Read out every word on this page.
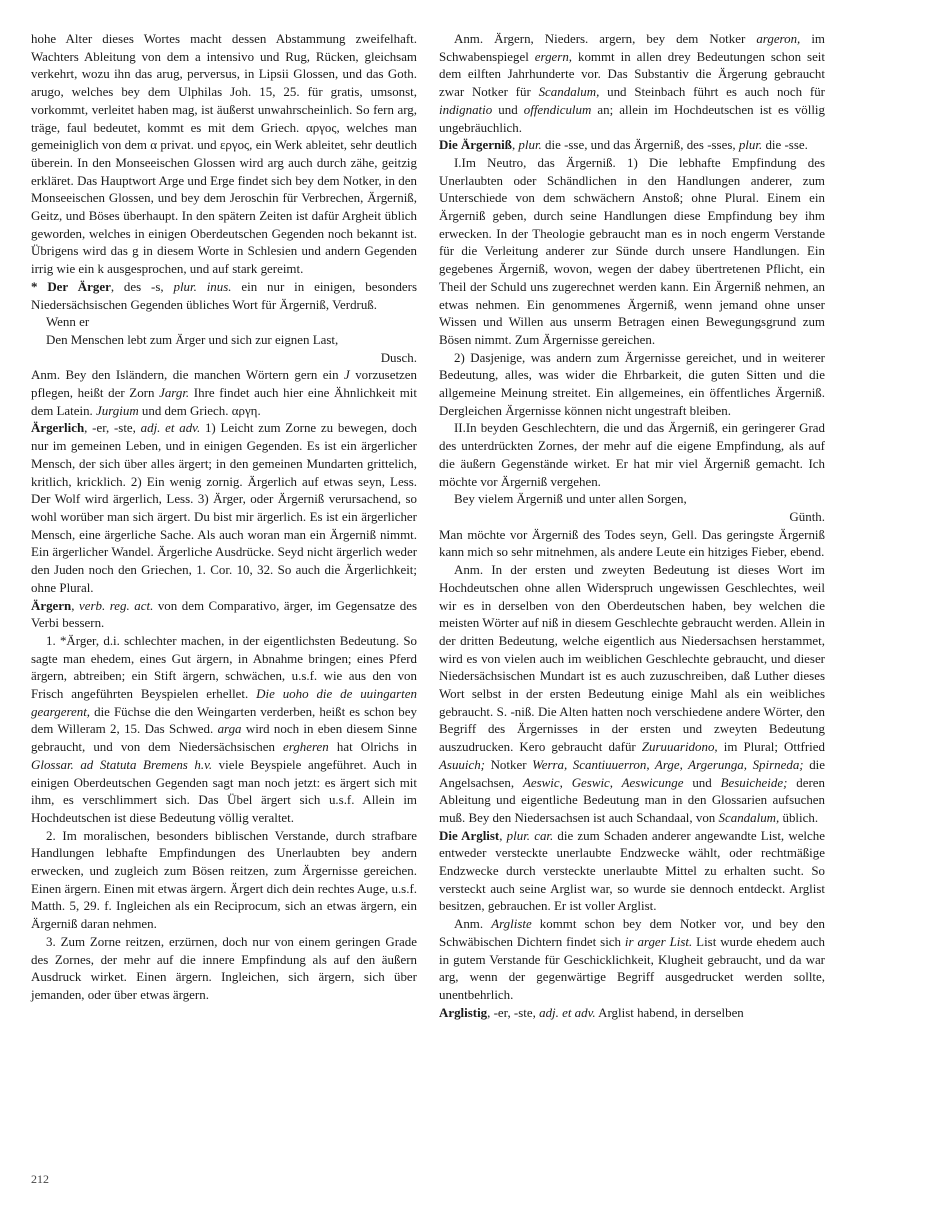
hohe Alter dieses Wortes macht dessen Abstammung zweifelhaft. Wachters Ableitung von dem a intensivo und Rug, Rücken, gleichsam verkehrt, wozu ihn das arug, perversus, in Lipsii Glossen, und das Goth. arugo, welches bey dem Ulphilas Joh. 15, 25. für gratis, umsonst, vorkommt, verleitet haben mag, ist äußerst unwahrscheinlich. So fern arg, träge, faul bedeutet, kommt es mit dem Griech. αργος, welches man gemeiniglich von dem α privat. und εργος, ein Werk ableitet, sehr deutlich überein. In den Monseeischen Glossen wird arg auch durch zähe, geitzig erkläret. Das Hauptwort Arge und Erge findet sich bey dem Notker, in den Monseeischen Glossen, und bey dem Jeroschin für Verbrechen, Ärgerniß, Geitz, und Böses überhaupt. In den spätern Zeiten ist dafür Argheit üblich geworden, welches in einigen Oberdeutschen Gegenden noch bekannt ist. Übrigens wird das g in diesem Worte in Schlesien und andern Gegenden irrig wie ein k ausgesprochen, und auf stark gereimt.

* Der Ärger, des -s, plur. inus. ein nur in einigen, besonders Niedersächsischen Gegenden übliches Wort für Ärgerniß, Verdruß.

Wenn er

Den Menschen lebt zum Ärger und sich zur eignen Last,

Dusch.

Anm. Bey den Isländern, die manchen Wörtern gern ein J vorzusetzen pflegen, heißt der Zorn Jargr. Ihre findet auch hier eine Ähnlichkeit mit dem Latein. Jurgium und dem Griech. αργη.

Ärgerlich, -er, -ste, adj. et adv. 1) Leicht zum Zorne zu bewegen, doch nur im gemeinen Leben, und in einigen Gegenden. Es ist ein ärgerlicher Mensch, der sich über alles ärgert; in den gemeinen Mundarten grittelich, kritlich, kricklich. 2) Ein wenig zornig. Ärgerlich auf etwas seyn, Less. Der Wolf wird ärgerlich, Less. 3) Ärger, oder Ärgerniß verursachend, so wohl worüber man sich ärgert. Du bist mir ärgerlich. Es ist ein ärgerlicher Mensch, eine ärgerliche Sache. Als auch woran man ein Ärgerniß nimmt. Ein ärgerlicher Wandel. Ärgerliche Ausdrücke. Seyd nicht ärgerlich weder den Juden noch den Griechen, 1. Cor. 10, 32. So auch die Ärgerlichkeit; ohne Plural.

Ärgern, verb. reg. act. von dem Comparativo, ärger, im Gegensatze des Verbi bessern.

1. *Ärger, d.i. schlechter machen, in der eigentlichsten Bedeutung. So sagte man ehedem, eines Gut ärgern, in Abnahme bringen; eines Pferd ärgern, abtreiben; ein Stift ärgern, schwächen, u.s.f. wie aus den von Frisch angeführten Beyspielen erhellet. Die uoho die de uuingarten geargerent, die Füchse die den Weingarten verderben, heißt es schon bey dem Willeram 2, 15. Das Schwed. arga wird noch in eben diesem Sinne gebraucht, und von dem Niedersächsischen ergheren hat Olrichs in Glossar. ad Statuta Bremens h.v. viele Beyspiele angeführet. Auch in einigen Oberdeutschen Gegenden sagt man noch jetzt: es ärgert sich mit ihm, es verschlimmert sich. Das Übel ärgert sich u.s.f. Allein im Hochdeutschen ist diese Bedeutung völlig veraltet.

2. Im moralischen, besonders biblischen Verstande, durch strafbare Handlungen lebhafte Empfindungen des Unerlaubten bey andern erwecken, und zugleich zum Bösen reitzen, zum Ärgernisse gereichen. Einen ärgern. Einen mit etwas ärgern. Ärgert dich dein rechtes Auge, u.s.f. Matth. 5, 29. f. Ingleichen als ein Reciprocum, sich an etwas ärgern, ein Ärgerniß daran nehmen.

3. Zum Zorne reitzen, erzürnen, doch nur von einem geringen Grade des Zornes, der mehr auf die innere Empfindung als auf den äußern Ausdruck wirket. Einen ärgern. Ingleichen, sich ärgern, sich über jemanden, oder über etwas ärgern.

Anm. Ärgern, Nieders. argern, bey dem Notker argeron, im Schwabenspiegel ergern, kommt in allen drey Bedeutungen schon seit dem eilften Jahrhunderte vor. Das Substantiv die Ärgerung gebraucht zwar Notker für Scandalum, und Steinbach führt es auch noch für indignatio und offendiculum an; allein im Hochdeutschen ist es völlig ungebräuchlich.

Die Ärgerniß, plur. die -sse, und das Ärgerniß, des -sses, plur. die -sse.

I.Im Neutro, das Ärgerniß. 1) Die lebhafte Empfindung des Unerlaubten oder Schändlichen in den Handlungen anderer, zum Unterschiede von dem schwächern Anstoß; ohne Plural. Einem ein Ärgerniß geben, durch seine Handlungen diese Empfindung bey ihm erwecken. In der Theologie gebraucht man es in noch engerm Verstande für die Verleitung anderer zur Sünde durch unsere Handlungen. Ein gegebenes Ärgerniß, wovon, wegen der dabey übertretenen Pflicht, ein Theil der Schuld uns zugerechnet werden kann. Ein Ärgerniß nehmen, an etwas nehmen. Ein genommenes Ärgerniß, wenn jemand ohne unser Wissen und Willen aus unserm Betragen einen Bewegungsgrund zum Bösen nimmt. Zum Ärgernisse gereichen.

2) Dasjenige, was andern zum Ärgernisse gereichet, und in weiterer Bedeutung, alles, was wider die Ehrbarkeit, die guten Sitten und die allgemeine Meinung streitet. Ein allgemeines, ein öffentliches Ärgerniß. Dergleichen Ärgernisse können nicht ungestraft bleiben.

II.In beyden Geschlechtern, die und das Ärgerniß, ein geringerer Grad des unterdrückten Zornes, der mehr auf die eigene Empfindung, als auf die äußern Gegenstände wirket. Er hat mir viel Ärgerniß gemacht. Ich möchte vor Ärgerniß vergehen.

Bey vielem Ärgerniß und unter allen Sorgen,

Günth.

Man möchte vor Ärgerniß des Todes seyn, Gell. Das geringste Ärgerniß kann mich so sehr mitnehmen, als andere Leute ein hitziges Fieber, ebend.

Anm. In der ersten und zweyten Bedeutung ist dieses Wort im Hochdeutschen ohne allen Widerspruch ungewissen Geschlechtes, weil wir es in derselben von den Oberdeutschen haben, bey welchen die meisten Wörter auf niß in diesem Geschlechte gebraucht werden. Allein in der dritten Bedeutung, welche eigentlich aus Niedersachsen herstammet, wird es von vielen auch im weiblichen Geschlechte gebraucht, und dieser Niedersächsischen Mundart ist es auch zuzuschreiben, daß Luther dieses Wort selbst in der ersten Bedeutung einige Mahl als ein weibliches gebraucht. S. -niß. Die Alten hatten noch verschiedene andere Wörter, den Begriff des Ärgernisses in der ersten und zweyten Bedeutung auszudrucken. Kero gebraucht dafür Zuruuaridono, im Plural; Ottfried Asuuich; Notker Werra, Scantiuuerron, Arge, Argerunga, Spirneda; die Angelsachsen, Aeswic, Geswic, Aeswicunge und Besuicheide; deren Ableitung und eigentliche Bedeutung man in den Glossarien aufsuchen muß. Bey den Niedersachsen ist auch Schandaal, von Scandalum, üblich.

Die Arglist, plur. car. die zum Schaden anderer angewandte List, welche entweder versteckte unerlaubte Endzwecke wählt, oder rechtmäßige Endzwecke durch versteckte unerlaubte Mittel zu erhalten sucht. So versteckt auch seine Arglist war, so wurde sie dennoch entdeckt. Arglist besitzen, gebrauchen. Er ist voller Arglist.

Anm. Argliste kommt schon bey dem Notker vor, und bey den Schwäbischen Dichtern findet sich ir arger List. List wurde ehedem auch in gutem Verstande für Geschicklichkeit, Klugheit gebraucht, und da war arg, wenn der gegenwärtige Begriff ausgedrucket werden sollte, unentbehrlich.

Arglistig, -er, -ste, adj. et adv. Arglist habend, in derselben

212
